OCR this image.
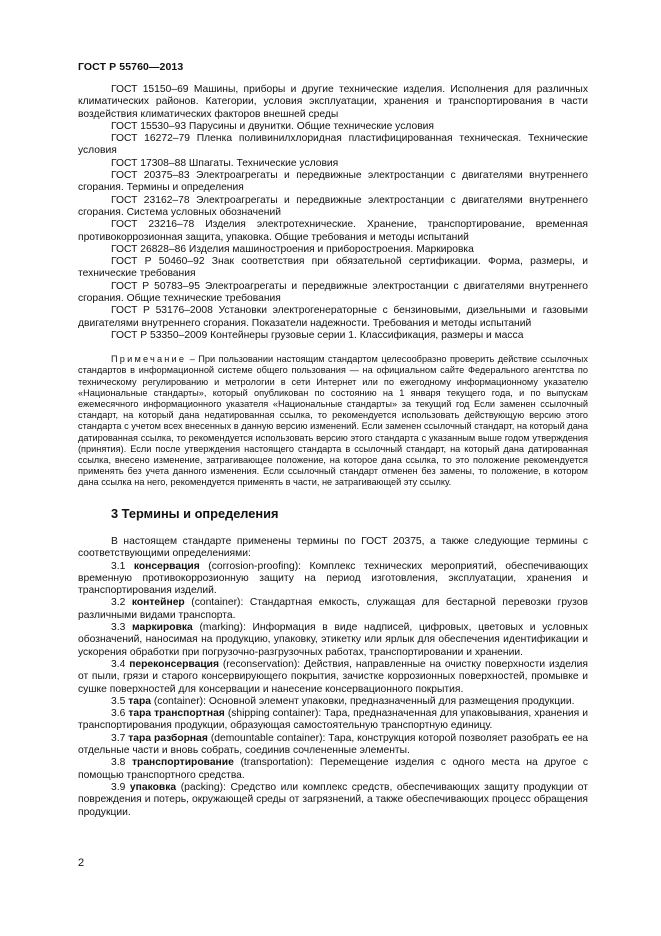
ГОСТ Р 55760—2013

ГОСТ 15150–69 Машины, приборы и другие технические изделия. Исполнения для различных климатических районов. Категории, условия эксплуатации, хранения и транспортирования в части воздействия климатических факторов внешней среды

ГОСТ 15530–93 Парусины и двунитки. Общие технические условия

ГОСТ 16272–79 Пленка поливинилхлоридная пластифицированная техническая. Технические условия

ГОСТ 17308–88 Шпагаты. Технические условия

ГОСТ 20375–83 Электроагрегаты и передвижные электростанции с двигателями внутреннего сгорания. Термины и определения

ГОСТ 23162–78 Электроагрегаты и передвижные электростанции с двигателями внутреннего сгорания. Система условных обозначений

ГОСТ 23216–78 Изделия электротехнические. Хранение, транспортирование, временная противокоррозионная защита, упаковка. Общие требования и методы испытаний

ГОСТ 26828–86 Изделия машиностроения и приборостроения. Маркировка

ГОСТ Р 50460–92 Знак соответствия при обязательной сертификации. Форма, размеры, и технические требования

ГОСТ Р 50783–95 Электроагрегаты и передвижные электростанции с двигателями внутреннего сгорания. Общие технические требования

ГОСТ Р 53176–2008 Установки электрогенераторные с бензиновыми, дизельными и газовыми двигателями внутреннего сгорания. Показатели надежности. Требования и методы испытаний

ГОСТ Р 53350–2009 Контейнеры грузовые серии 1. Классификация, размеры и масса

Примечание – При пользовании настоящим стандартом целесообразно проверить действие ссылочных стандартов в информационной системе общего пользования — на официальном сайте Федерального агентства по техническому регулированию и метрологии в сети Интернет или по ежегодному информационному указателю «Национальные стандарты», который опубликован по состоянию на 1 января текущего года, и по выпускам ежемесячного информационного указателя «Национальные стандарты» за текущий год Если заменен ссылочный стандарт, на который дана недатированная ссылка, то рекомендуется использовать действующую версию этого стандарта с учетом всех внесенных в данную версию изменений. Если заменен ссылочный стандарт, на который дана датированная ссылка, то рекомендуется использовать версию этого стандарта с указанным выше годом утверждения (принятия). Если после утверждения настоящего стандарта в ссылочный стандарт, на который дана датированная ссылка, внесено изменение, затрагивающее положение, на которое дана ссылка, то это положение рекомендуется применять без учета данного изменения. Если ссылочный стандарт отменен без замены, то положение, в котором дана ссылка на него, рекомендуется применять в части, не затрагивающей эту ссылку.

3 Термины и определения

В настоящем стандарте применены термины по ГОСТ 20375, а также следующие термины с соответствующими определениями:

3.1 консервация (corrosion-proofing): Комплекс технических мероприятий, обеспечивающих временную противокоррозионную защиту на период изготовления, эксплуатации, хранения и транспортирования изделий.

3.2 контейнер (container): Стандартная емкость, служащая для бестарной перевозки грузов различными видами транспорта.

3.3 маркировка (marking): Информация в виде надписей, цифровых, цветовых и условных обозначений, наносимая на продукцию, упаковку, этикетку или ярлык для обеспечения идентификации и ускорения обработки при погрузочно-разгрузочных работах, транспортировании и хранении.

3.4 переконсервация (reconservation): Действия, направленные на очистку поверхности изделия от пыли, грязи и старого консервирующего покрытия, зачистке коррозионных поверхностей, промывке и сушке поверхностей для консервации и нанесение консервационного покрытия.

3.5 тара (container): Основной элемент упаковки, предназначенный для размещения продукции.

3.6 тара транспортная (shipping container): Тара, предназначенная для упаковывания, хранения и транспортирования продукции, образующая самостоятельную транспортную единицу.

3.7 тара разборная (demountable container): Тара, конструкция которой позволяет разобрать ее на отдельные части и вновь собрать, соединив сочлененные элементы.

3.8 транспортирование (transportation): Перемещение изделия с одного места на другое с помощью транспортного средства.

3.9 упаковка (packing): Средство или комплекс средств, обеспечивающих защиту продукции от повреждения и потерь, окружающей среды от загрязнений, а также обеспечивающих процесс обращения продукции.

2
